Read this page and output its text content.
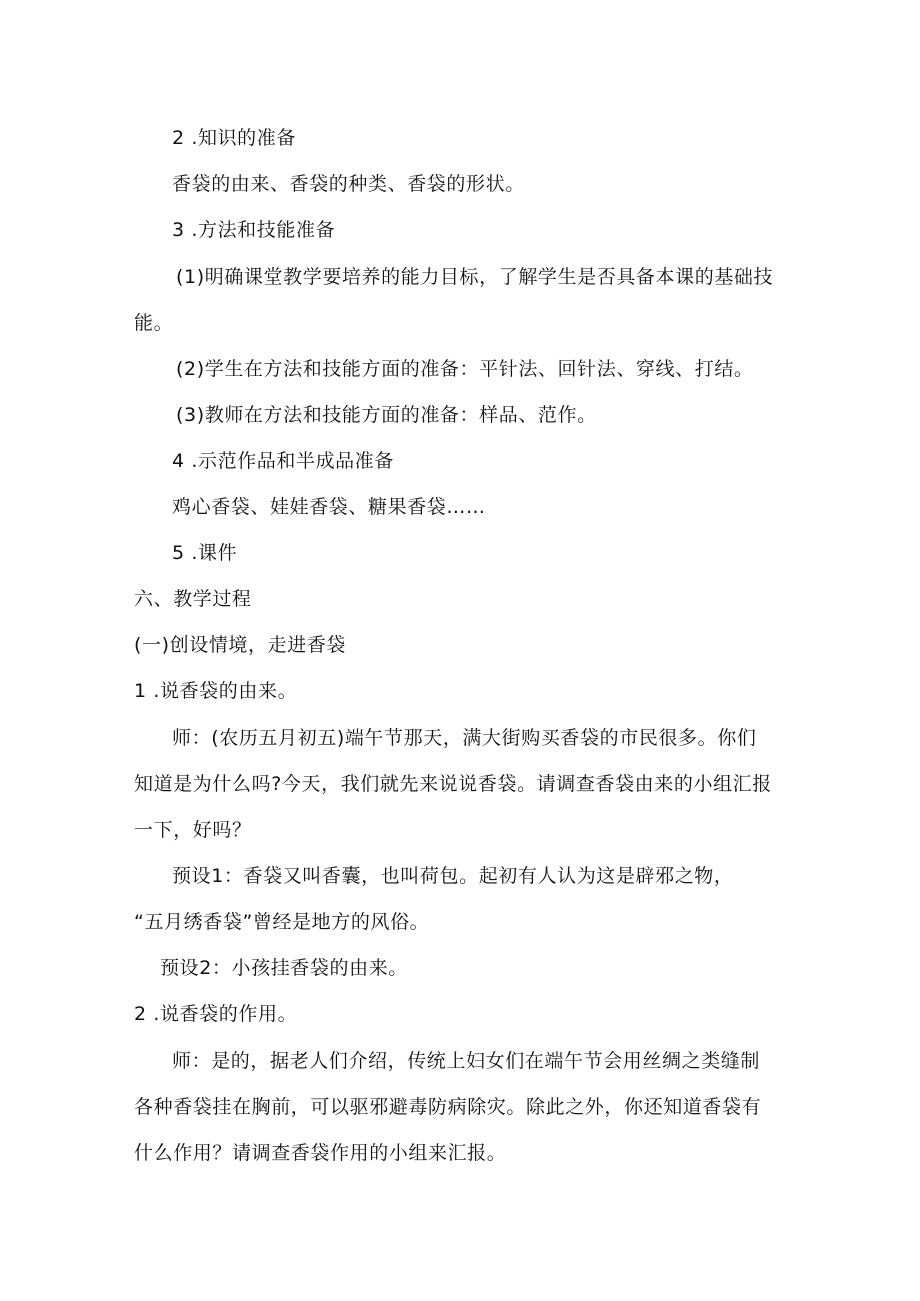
2 .知识的准备
香袋的由来、香袋的种类、香袋的形状。
3 .方法和技能准备
(1)明确课堂教学要培养的能力目标，了解学生是否具备本课的基础技
能。
(2)学生在方法和技能方面的准备：平针法、回针法、穿线、打结。
(3)教师在方法和技能方面的准备：样品、范作。
4 .示范作品和半成品准备
鸡心香袋、娃娃香袋、糖果香袋……
5 .课件
六、教学过程
(一)创设情境，走进香袋
1 .说香袋的由来。
师：(农历五月初五)端午节那天，满大街购买香袋的市民很多。你们
知道是为什么吗?今天，我们就先来说说香袋。请调查香袋由来的小组汇报
一下，好吗？
预设1：香袋又叫香囊，也叫荷包。起初有人认为这是辟邪之物，
“五月绣香袋”曾经是地方的风俗。
预设2：小孩挂香袋的由来。
2 .说香袋的作用。
师：是的，据老人们介绍，传统上妇女们在端午节会用丝绸之类缝制
各种香袋挂在胸前，可以驱邪避毒防病除灾。除此之外，你还知道香袋有
什么作用？请调查香袋作用的小组来汇报。
